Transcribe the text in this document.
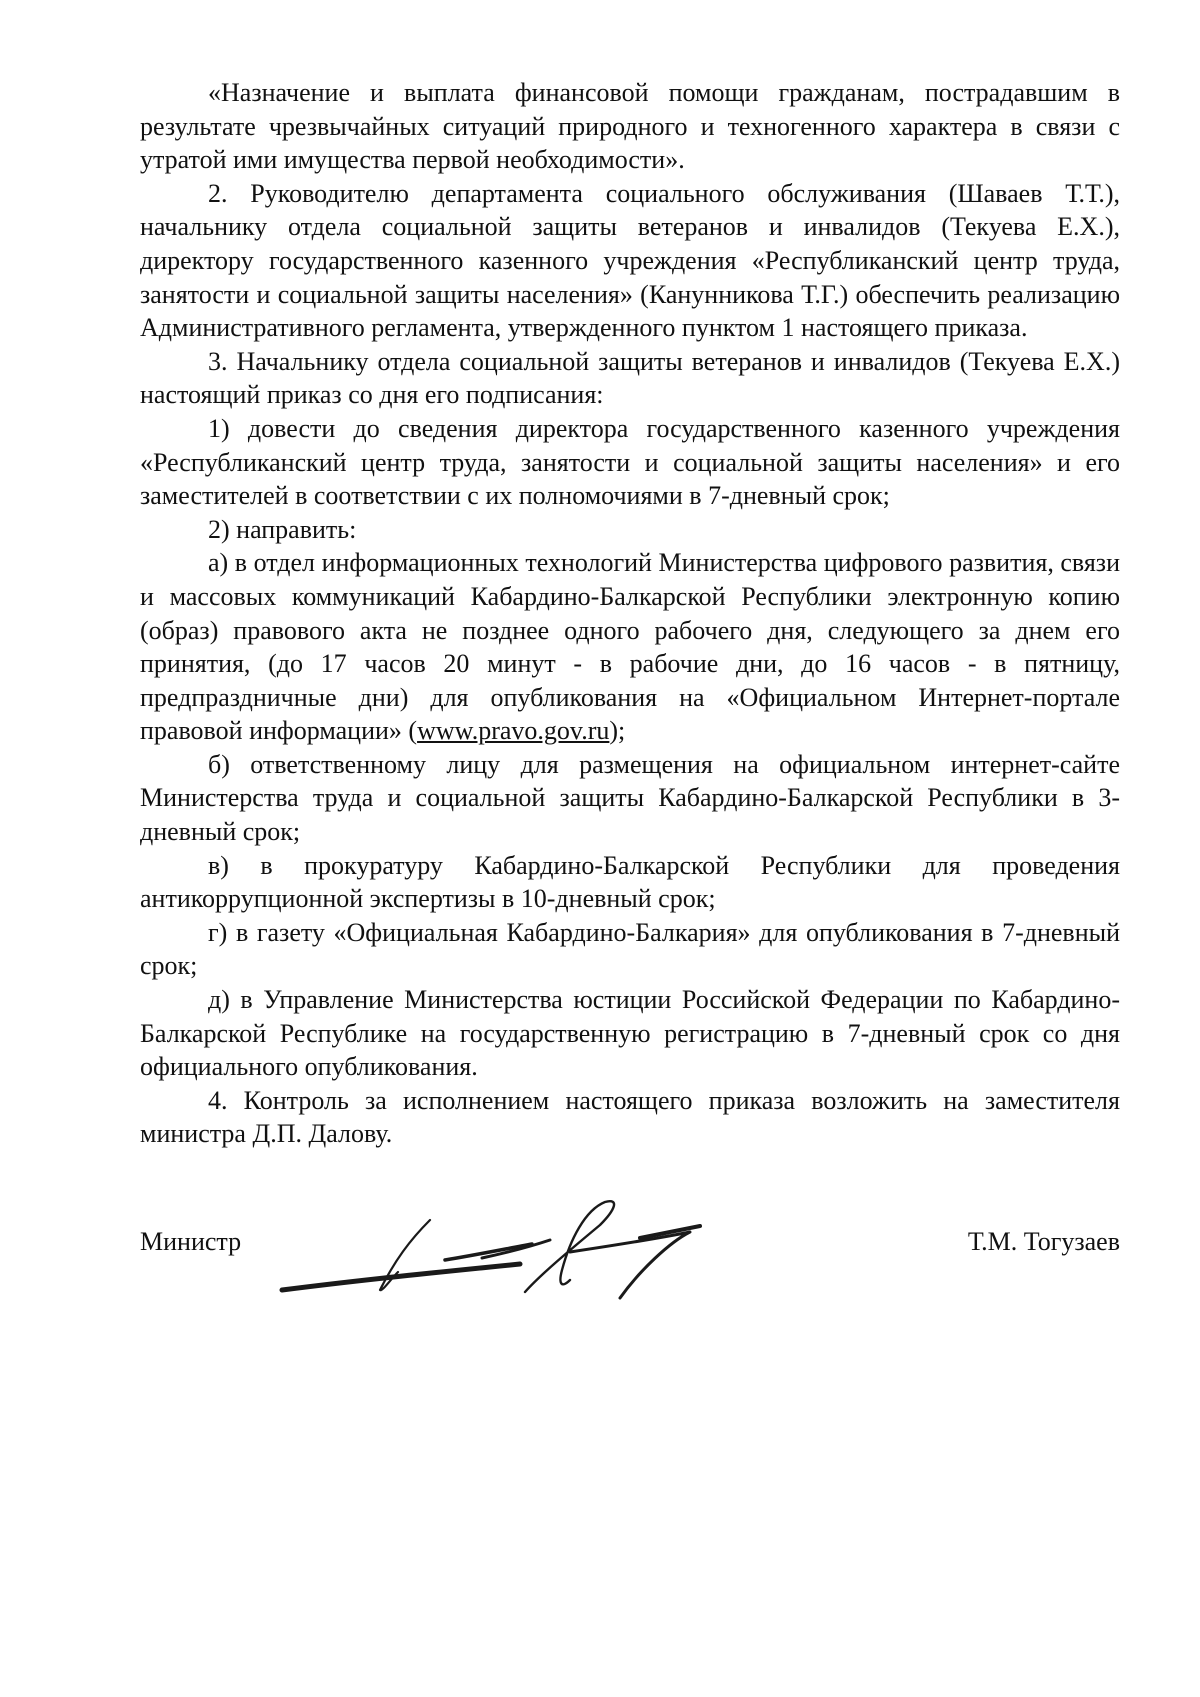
«Назначение и выплата финансовой помощи гражданам, пострадавшим в результате чрезвычайных ситуаций природного и техногенного характера в связи с утратой ими имущества первой необходимости».

2. Руководителю департамента социального обслуживания (Шаваев Т.Т.), начальнику отдела социальной защиты ветеранов и инвалидов (Текуева Е.Х.), директору государственного казенного учреждения «Республиканский центр труда, занятости и социальной защиты населения» (Канунникова Т.Г.) обеспечить реализацию Административного регламента, утвержденного пунктом 1 настоящего приказа.

3. Начальнику отдела социальной защиты ветеранов и инвалидов (Текуева Е.Х.) настоящий приказ со дня его подписания:

1) довести до сведения директора государственного казенного учреждения «Республиканский центр труда, занятости и социальной защиты населения» и его заместителей в соответствии с их полномочиями в 7-дневный срок;

2) направить:

а) в отдел информационных технологий Министерства цифрового развития, связи и массовых коммуникаций Кабардино-Балкарской Республики электронную копию (образ) правового акта не позднее одного рабочего дня, следующего за днем его принятия, (до 17 часов 20 минут - в рабочие дни, до 16 часов - в пятницу, предпраздничные дни) для опубликования на «Официальном Интернет-портале правовой информации» (www.pravo.gov.ru);

б) ответственному лицу для размещения на официальном интернет-сайте Министерства труда и социальной защиты Кабардино-Балкарской Республики в 3-дневный срок;

в) в прокуратуру Кабардино-Балкарской Республики для проведения антикоррупционной экспертизы в 10-дневный срок;

г) в газету «Официальная Кабардино-Балкария» для опубликования в 7-дневный срок;

д) в Управление Министерства юстиции Российской Федерации по Кабардино-Балкарской Республике на государственную регистрацию в 7-дневный срок со дня официального опубликования.

4. Контроль за исполнением настоящего приказа возложить на заместителя министра Д.П. Далову.

Министр	Т.М. Тогузаев
